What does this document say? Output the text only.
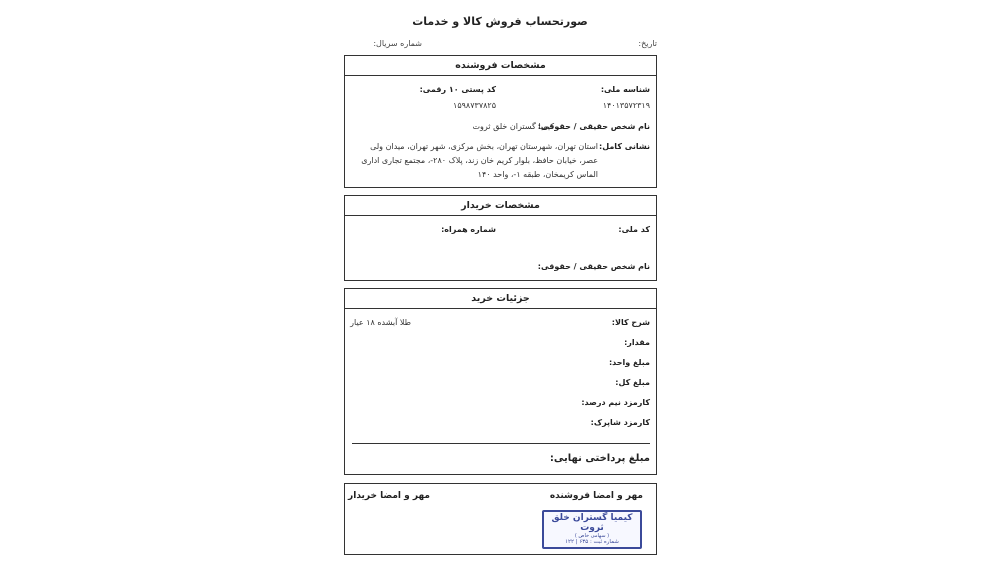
صورتحساب فروش کالا و خدمات
تاریخ:
شماره سریال:
مشخصات فروشنده
شناسه ملی:
۱۴۰۱۳۵۷۲۳۱۹
کد پستی ۱۰ رقمی:
۱۵۹۸۷۳۷۸۲۵
نام شخص حقیقی / حقوقی:
کیمیا گستران خلق ثروت
نشانی کامل:
استان تهران، شهرستان تهران، بخش مرکزی، شهر تهران، میدان ولی عصر، خیابان حافظ، بلوار کریم خان زند، پلاک ۲۸۰-، مجتمع تجاری اداری الماس کریمخان، طبقه ۱-، واحد ۱۴۰
مشخصات خریدار
کد ملی:
شماره همراه:
نام شخص حقیقی / حقوقی:
جزئیات خرید
شرح کالا:
طلا آبشده ۱۸ عیار
مقدار:
مبلغ واحد:
مبلغ کل:
کارمزد نیم درصد:
کارمزد شاپرک:
مبلغ پرداختی نهایی:
مهر و امضا فروشنده
مهر و امضا خریدار
کیمیا گستران خلق ثروت
( سهامی خاص )
شماره ثبت : ۶۳۵ | ۱۲۲
